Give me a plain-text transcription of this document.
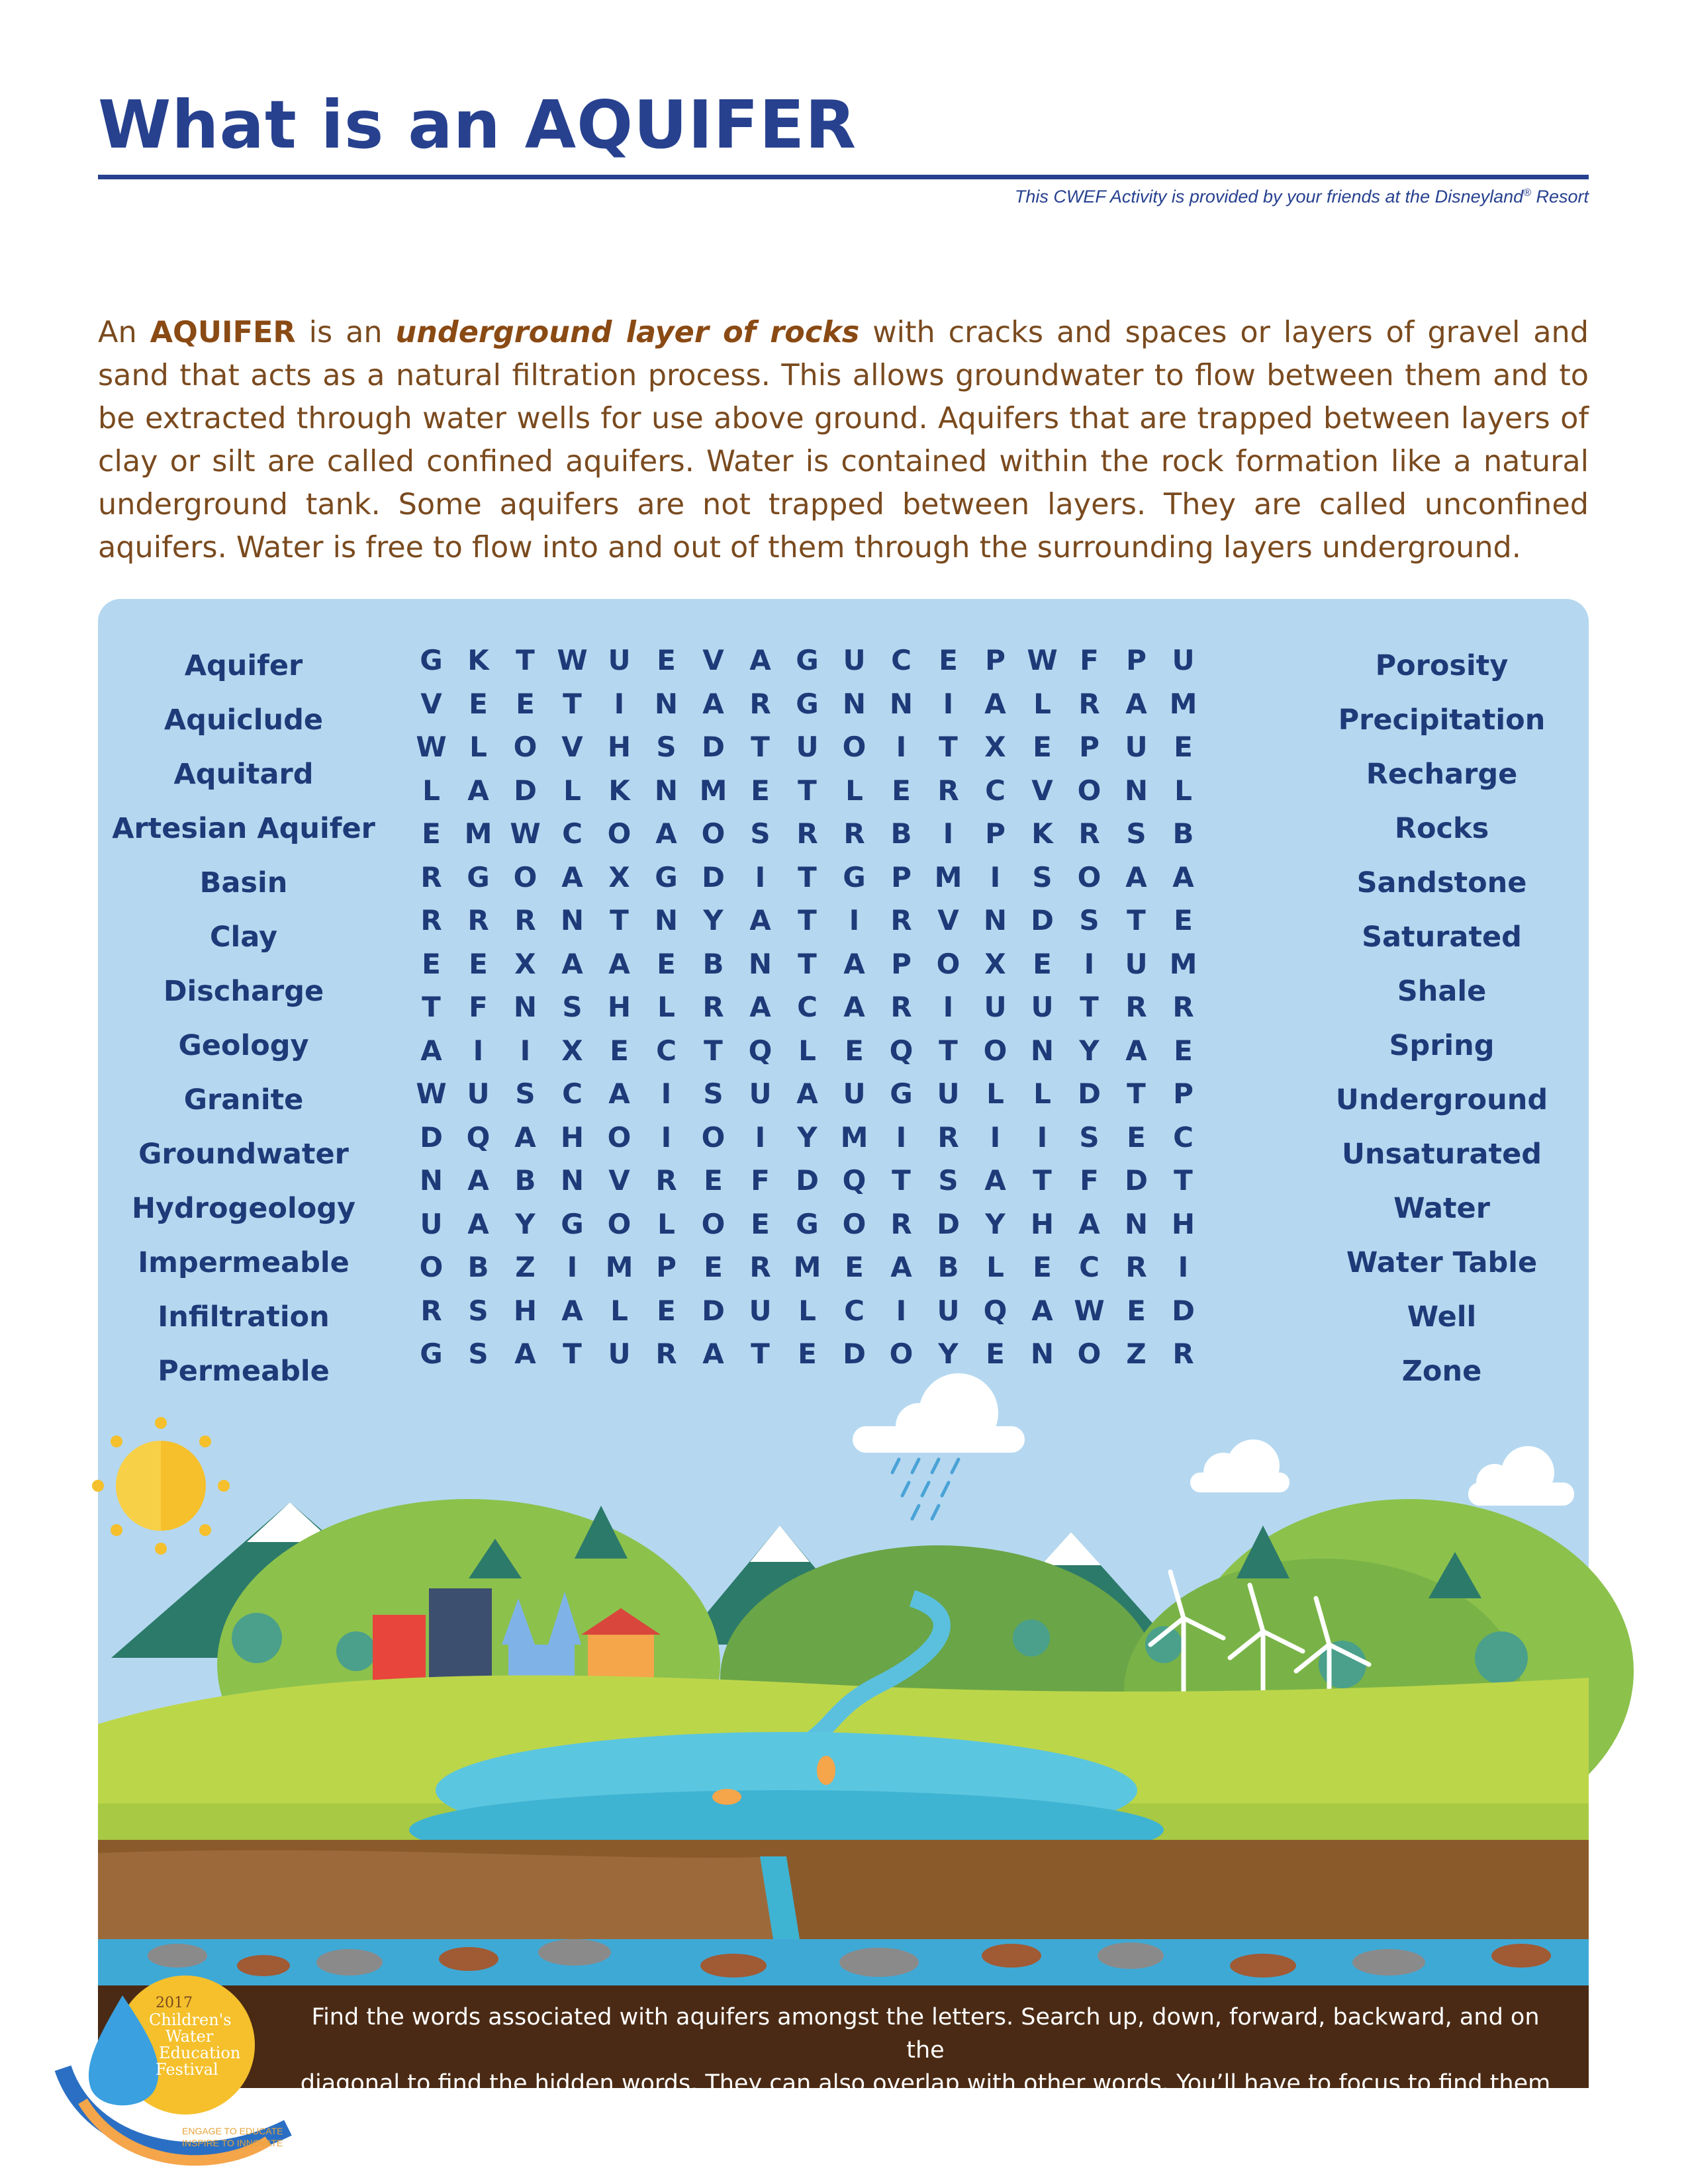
What is an AQUIFER
This CWEF Activity is provided by your friends at the Disneyland® Resort

An AQUIFER is an underground layer of rocks with cracks and spaces or layers of gravel and sand that acts as a natural filtration process. This allows groundwater to flow between them and to be extracted through water wells for use above ground. Aquifers that are trapped between layers of clay or silt are called confined aquifers. Water is contained within the rock formation like a natural underground tank. Some aquifers are not trapped between layers. They are called unconfined aquifers. Water is free to flow into and out of them through the surrounding layers underground.

Aquifer
Aquiclude
Aquitard
Artesian Aquifer
Basin
Clay
Discharge
Geology
Granite
Groundwater
Hydrogeology
Impermeable
Infiltration
Permeable
G K T W U E V A G U C E P W F P U
V E	E	T	I	N A R G N N	I	A L R A M
W L O V H S D T U O	I	T X E P U E
L A D L K N M E	T	L	E R C V O N L
E M W C O A O S R R B	I	P K R S B
R G O A X G D	I	T G P M	I	S O A A
R R R N T N Y A T	I	R V N D S T	E
E	E X A A E B N T A P O X E	I	U M
T	F N S H L R A C A R	I	U U T R R
A	I	I	X E C T Q L	E Q T O N Y A E
W U S C A	I	S U A U G U L	L D T P
D Q A H O	I	O	I	Y M	I	R	I	I	S E C
N A B N V R E	F D Q T S A T	F D T
U A Y G O L O E G O R D Y H A N H
O B Z	I	M P E R M E A B L	E C R	I
R S H A L	E D U L	C	I	U Q A W E D
G S A T U R A T	E D O Y E N O Z R
Porosity
Precipitation
Recharge
Rocks
Sandstone
Saturated
Shale
Spring
Underground
Unsaturated
Water
Water Table
Well
Zone
Find the words associated with aquifers amongst the letters. Search up, down, forward, backward, and on the
diagonal to find the hidden words. They can also overlap with other words. You’ll have to focus to find them all!
2017
Children's
Water
Education
Festival
ENGAGE TO EDUCATE
INSPIRE TO INNOVATE
